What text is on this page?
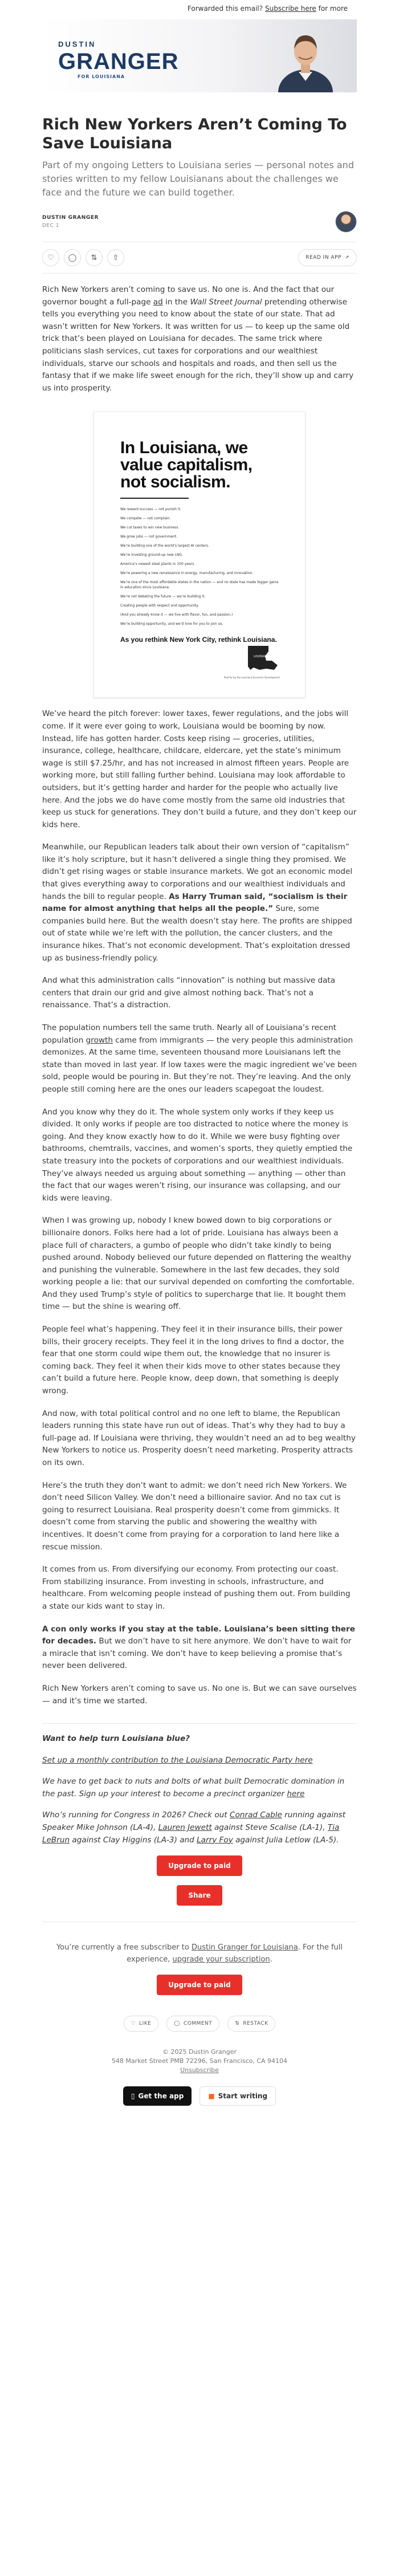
Forwarded this email? Subscribe here for more
DUSTIN
GRANGER
FOR LOUISIANA
Rich New Yorkers Aren’t Coming To Save Louisiana
Part of my ongoing Letters to Louisiana series — personal notes and stories written to my fellow Louisianans about the challenges we face and the future we can build together.
DUSTIN GRANGER
DEC 1
♡	◯	⇅	⇧	READ IN APP ↗

Rich New Yorkers aren’t coming to save us. No one is. And the fact that our governor bought a full-page ad in the Wall Street Journal pretending otherwise tells you everything you need to know about the state of our state. That ad wasn’t written for New Yorkers. It was written for us — to keep up the same old trick that’s been played on Louisiana for decades. The same trick where politicians slash services, cut taxes for corporations and our wealthiest individuals, starve our schools and hospitals and roads, and then sell us the fantasy that if we make life sweet enough for the rich, they’ll show up and carry us into prosperity.

In Louisiana, we value capitalism, not socialism.
We reward success — not punish it.
We compete — not complain.
We cut taxes to win new business.
We grow jobs — not government.
We’re building one of the world’s largest AI centers.
We’re investing ground-up new LNG.
America’s newest steel plants in 100 years.
We’re powering a new renaissance in energy, manufacturing, and innovation.
We’re one of the most affordable states in the nation — and no state has made bigger gains in education since Louisiana.
We’re not debating the future — we’re building it.
Creating people with respect and opportunity.
(And you already know it — we live with flavor, fun, and passion.)
We’re building opportunity, and we’d love for you to join us.
As you rethink New York City, rethink Louisiana.
LOUISIANA
Paid for by the Louisiana Economic Development

We’ve heard the pitch forever: lower taxes, fewer regulations, and the jobs will come. If it were ever going to work, Louisiana would be booming by now. Instead, life has gotten harder. Costs keep rising — groceries, utilities, insurance, college, healthcare, childcare, eldercare, yet the state’s minimum wage is still $7.25/hr, and has not increased in almost fifteen years. People are working more, but still falling further behind. Louisiana may look affordable to outsiders, but it’s getting harder and harder for the people who actually live here. And the jobs we do have come mostly from the same old industries that keep us stuck for generations. They don’t build a future, and they don’t keep our kids here.

Meanwhile, our Republican leaders talk about their own version of “capitalism” like it’s holy scripture, but it hasn’t delivered a single thing they promised. We didn’t get rising wages or stable insurance markets. We got an economic model that gives everything away to corporations and our wealthiest individuals and hands the bill to regular people. As Harry Truman said, “socialism is their name for almost anything that helps all the people.” Sure, some companies build here. But the wealth doesn’t stay here. The profits are shipped out of state while we’re left with the pollution, the cancer clusters, and the insurance hikes. That’s not economic development. That’s exploitation dressed up as business-friendly policy.

And what this administration calls “innovation” is nothing but massive data centers that drain our grid and give almost nothing back. That’s not a renaissance. That’s a distraction.

The population numbers tell the same truth. Nearly all of Louisiana’s recent population growth came from immigrants — the very people this administration demonizes. At the same time, seventeen thousand more Louisianans left the state than moved in last year. If low taxes were the magic ingredient we’ve been sold, people would be pouring in. But they’re not. They’re leaving. And the only people still coming here are the ones our leaders scapegoat the loudest.

And you know why they do it. The whole system only works if they keep us divided. It only works if people are too distracted to notice where the money is going. And they know exactly how to do it. While we were busy fighting over bathrooms, chemtrails, vaccines, and women’s sports, they quietly emptied the state treasury into the pockets of corporations and our wealthiest individuals. They’ve always needed us arguing about something — anything — other than the fact that our wages weren’t rising, our insurance was collapsing, and our kids were leaving.

When I was growing up, nobody I knew bowed down to big corporations or billionaire donors. Folks here had a lot of pride. Louisiana has always been a place full of characters, a gumbo of people who didn’t take kindly to being pushed around. Nobody believed our future depended on flattering the wealthy and punishing the vulnerable. Somewhere in the last few decades, they sold working people a lie: that our survival depended on comforting the comfortable. And they used Trump’s style of politics to supercharge that lie. It bought them time — but the shine is wearing off.

People feel what’s happening. They feel it in their insurance bills, their power bills, their grocery receipts. They feel it in the long drives to find a doctor, the fear that one storm could wipe them out, the knowledge that no insurer is coming back. They feel it when their kids move to other states because they can’t build a future here. People know, deep down, that something is deeply wrong.

And now, with total political control and no one left to blame, the Republican leaders running this state have run out of ideas. That’s why they had to buy a full-page ad. If Louisiana were thriving, they wouldn’t need an ad to beg wealthy New Yorkers to notice us. Prosperity doesn’t need marketing. Prosperity attracts on its own.

Here’s the truth they don’t want to admit: we don’t need rich New Yorkers. We don’t need Silicon Valley. We don’t need a billionaire savior. And no tax cut is going to resurrect Louisiana. Real prosperity doesn’t come from gimmicks. It doesn’t come from starving the public and showering the wealthy with incentives. It doesn’t come from praying for a corporation to land here like a rescue mission.

It comes from us. From diversifying our economy. From protecting our coast. From stabilizing insurance. From investing in schools, infrastructure, and healthcare. From welcoming people instead of pushing them out. From building a state our kids want to stay in.

A con only works if you stay at the table. Louisiana’s been sitting there for decades. But we don’t have to sit here anymore. We don’t have to wait for a miracle that isn’t coming. We don’t have to keep believing a promise that’s never been delivered.

Rich New Yorkers aren’t coming to save us. No one is. But we can save ourselves — and it’s time we started.

Want to help turn Louisiana blue?

Set up a monthly contribution to the Louisiana Democratic Party here

We have to get back to nuts and bolts of what built Democratic domination in the past. Sign up your interest to become a precinct organizer here

Who’s running for Congress in 2026? Check out Conrad Cable running against Speaker Mike Johnson (LA-4), Lauren Jewett against Steve Scalise (LA-1), Tia LeBrun against Clay Higgins (LA-3) and Larry Foy against Julia Letlow (LA-5).

Upgrade to paid
Share
You’re currently a free subscriber to Dustin Granger for Louisiana. For the full experience, upgrade your subscription.
Upgrade to paid
♡ LIKE	◯ COMMENT	⇅ RESTACK
© 2025 Dustin Granger
548 Market Street PMB 72296, San Francisco, CA 94104
Unsubscribe
▯ Get the app	■ Start writing
